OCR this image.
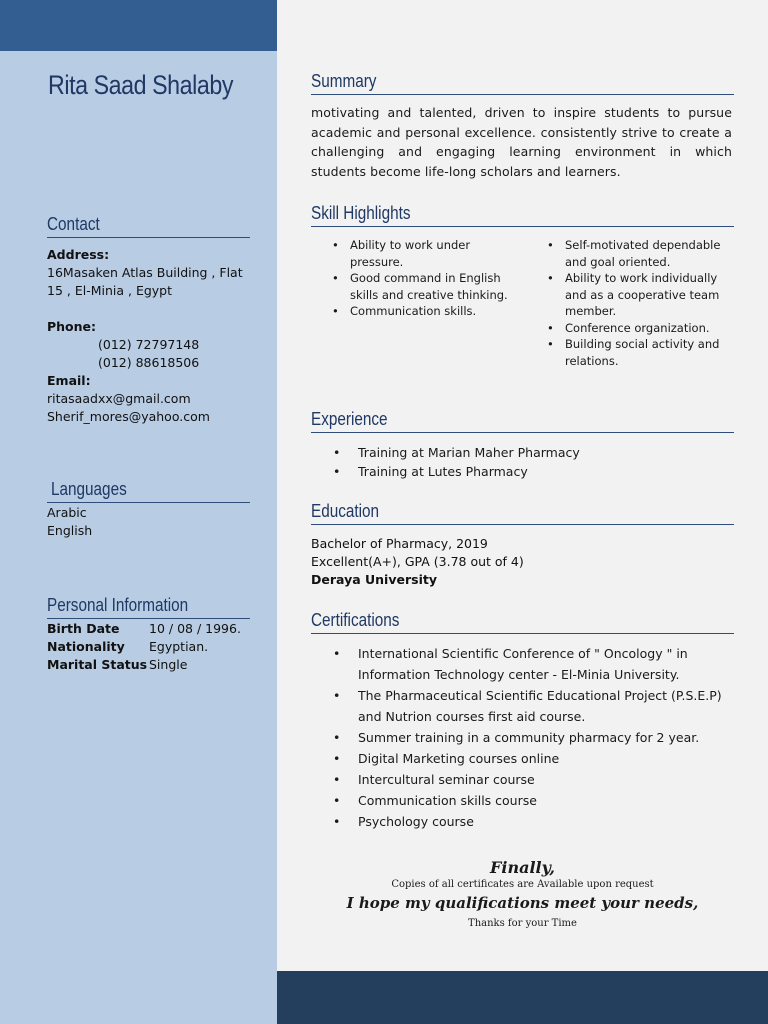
Rita Saad Shalaby
Contact
Address:
16Masaken Atlas Building , Flat
15 , El-Minia , Egypt
Phone:
(012) 72797148
(012) 88618506
Email:
ritasaadxx@gmail.com
Sherif_mores@yahoo.com
Languages
Arabic
English
Personal Information
Birth Date	10 / 08 / 1996.
Nationality	Egyptian.
Marital Status Single
Summary
motivating and talented, driven to inspire students to pursue academic and personal excellence. consistently strive to create a challenging and engaging learning environment in which students become life-long scholars and learners.
Skill Highlights
• Ability to work under pressure.
• Good command in English skills and creative thinking.
• Communication skills.
• Self-motivated dependable and goal oriented.
• Ability to work individually and as a cooperative team member.
• Conference organization.
• Building social activity and relations.
Experience
• Training at Marian Maher Pharmacy
• Training at Lutes Pharmacy
Education
Bachelor of Pharmacy, 2019
Excellent(A+), GPA (3.78 out of 4)
Deraya University
Certifications
• International Scientific Conference of " Oncology " in Information Technology center - El-Minia University.
• The Pharmaceutical Scientific Educational Project (P.S.E.P) and Nutrion courses first aid course.
• Summer training in a community pharmacy for 2 year.
• Digital Marketing courses online
• Intercultural seminar course
• Communication skills course
• Psychology course
Finally,
Copies of all certificates are Available upon request
I hope my qualifications meet your needs,
Thanks for your Time
